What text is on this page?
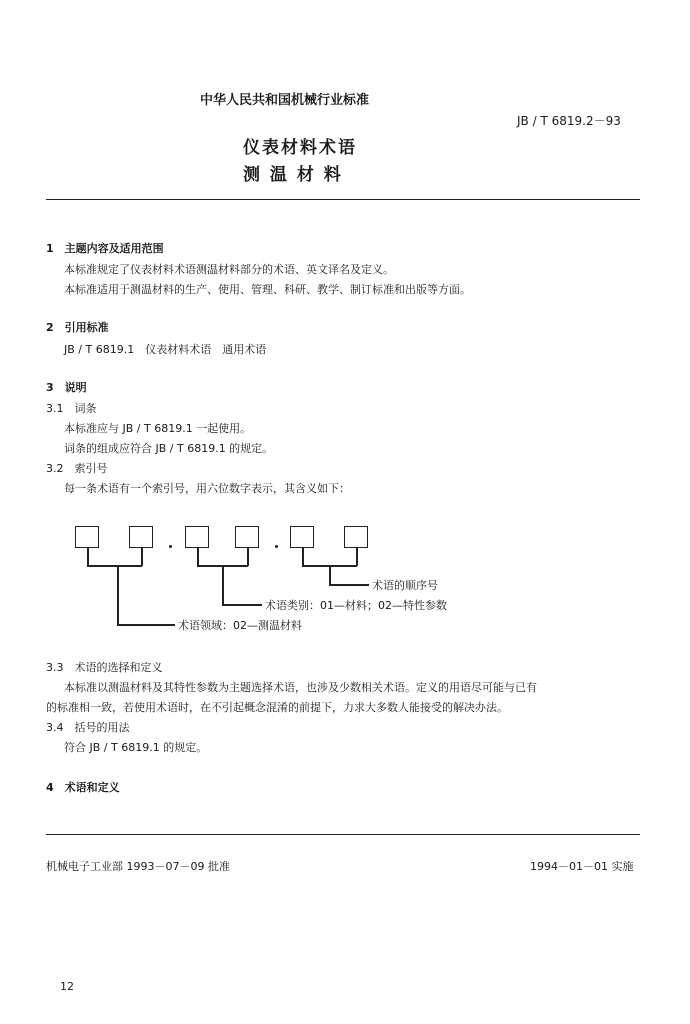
中华人民共和国机械行业标准
JB / T 6819.2－93
仪表材料术语
测 温 材 料
1　主题内容及适用范围
本标准规定了仪表材料术语测温材料部分的术语、英文译名及定义。
本标准适用于测温材料的生产、使用、管理、科研、教学、制订标准和出版等方面。
2　引用标准
JB / T 6819.1　仪表材料术语　通用术语
3　说明
3.1　词条
本标准应与 JB / T 6819.1 一起使用。
词条的组成应符合 JB / T 6819.1 的规定。
3.2　索引号
每一条术语有一个索引号，用六位数字表示，其含义如下：
术语的顺序号
术语类别：01—材料；02—特性参数
术语领域：02—测温材料
3.3　术语的选择和定义
本标准以测温材料及其特性参数为主题选择术语，也涉及少数相关术语。定义的用语尽可能与已有
的标准相一致，若使用术语时，在不引起概念混淆的前提下，力求大多数人能接受的解决办法。
3.4　括号的用法
符合 JB / T 6819.1 的规定。
4　术语和定义
机械电子工业部 1993－07－09 批准	1994－01－01 实施
12
